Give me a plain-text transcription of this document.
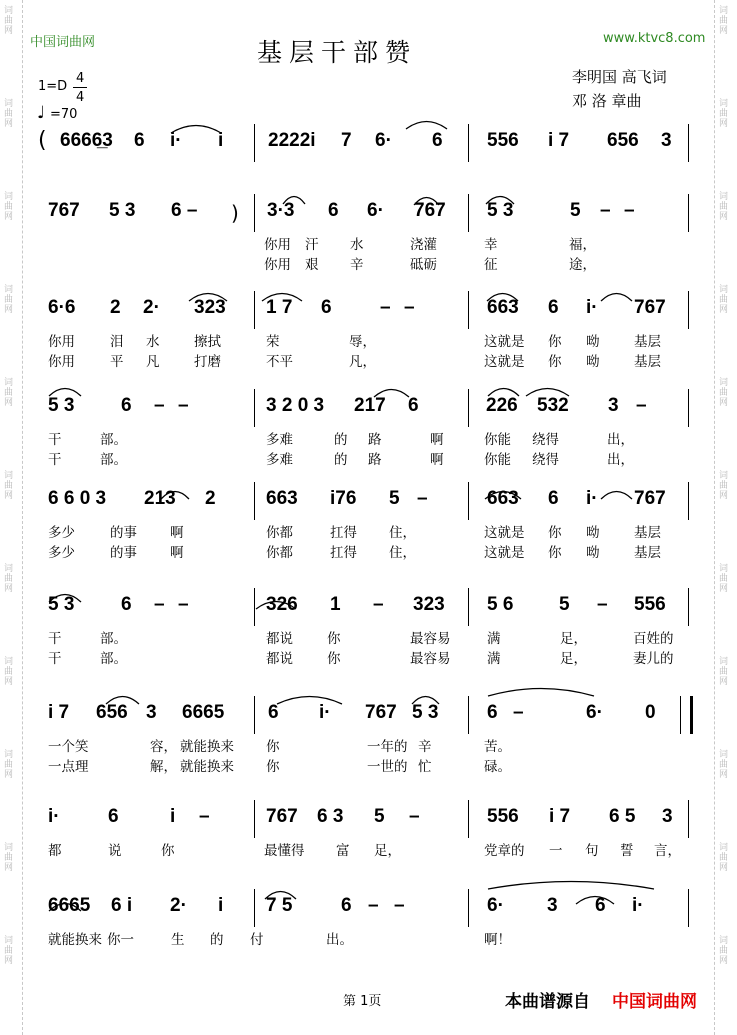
词
曲
网
词
曲
网
词
曲
网
词
曲
网
词
曲
网
词
曲
网
词
曲
网
词
曲
网
词
曲
网
词
曲
网
词
曲
网
词
曲
网
词
曲
网
词
曲
网
词
曲
网
词
曲
网
词
曲
网
词
曲
网
词
曲
网
词
曲
网
词
曲
网
词
曲
网
中国词曲网	www.ktvc8.com
基层干部赞
李明国 高飞词
邓 洛 章曲
1=D
4
4
♩ =70
(
)
6666̲3 6 i· i 2222i 7 6· 6 556 i 7 656 3
767 5 3 6 –	3·3 6 6· 767 5 3	5 – –
你用 汗 水	浇灌	幸	福，
你用 艰 辛	砥砺	征	途，
6·6 2 2· 323 1 7 6	– –	663 6 i· 767
你用	泪 水	擦拭	荣	辱，	这就是 你 呦	基层
你用	平 凡	打磨	不平	凡，	这就是 你 呦	基层
5 3 6 – –	3 2 0 3 217 6	226 532 3 –
干	部。	多难	的 路	啊	你能 绕得	出，
干	部。	多难	的 路	啊	你能 绕得	出，
6 6 0 3 213 2	663 i76 5 –	663 6 i· 767
多少	的事 啊	你都	扛得 住，	这就是 你 呦	基层
多少	的事 啊	你都	扛得 住，	这就是 你 呦	基层
5 3 6 – –	326 1 – 323 5 6 5 – 556
干	部。	都说	你	最容易	满	足，	百姓的
干	部。	都说	你	最容易	满	足，	妻儿的
i 7 656 3 6665 6 i· 767 5 3	6 –	6· 0
一个笑	容， 就能换来 你	一年的 辛	苦。
一点理	解， 就能换来 你	一世的 忙	碌。
i·	6	i –	767 6 3 5 –	556 i 7 6 5 3
都	说	你	最懂得 富 足，	党章的 一 句 誓 言，
6665 6 i 2· i 7 5	6 – –	6· 3 6 i·
就能换来 你一	生 的 付	出。	啊！
第 1页	本曲谱源自 中国词曲网
